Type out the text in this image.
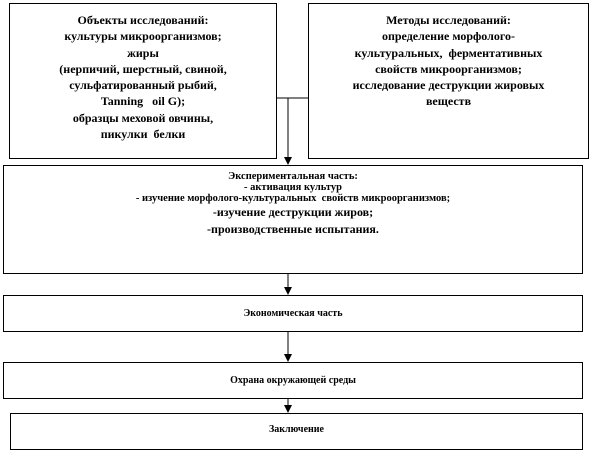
Объекты исследований:
культуры микроорганизмов;
жиры
(нерпичий, шерстный, свиной,
сульфатированный рыбий,
Tanning   oil G);
образцы меховой овчины,
пикулки  белки
Методы исследований:
определение морфолого-
культуральных,  ферментативных
свойств микроорганизмов;
исследование деструкции жировых
веществ
Экспериментальная часть:
- активация культур
- изучение морфолого-культуральных  свойств микроорганизмов;
-изучение деструкции жиров;
-производственные испытания.
Экономическая часть
Охрана окружающей среды
Заключение
